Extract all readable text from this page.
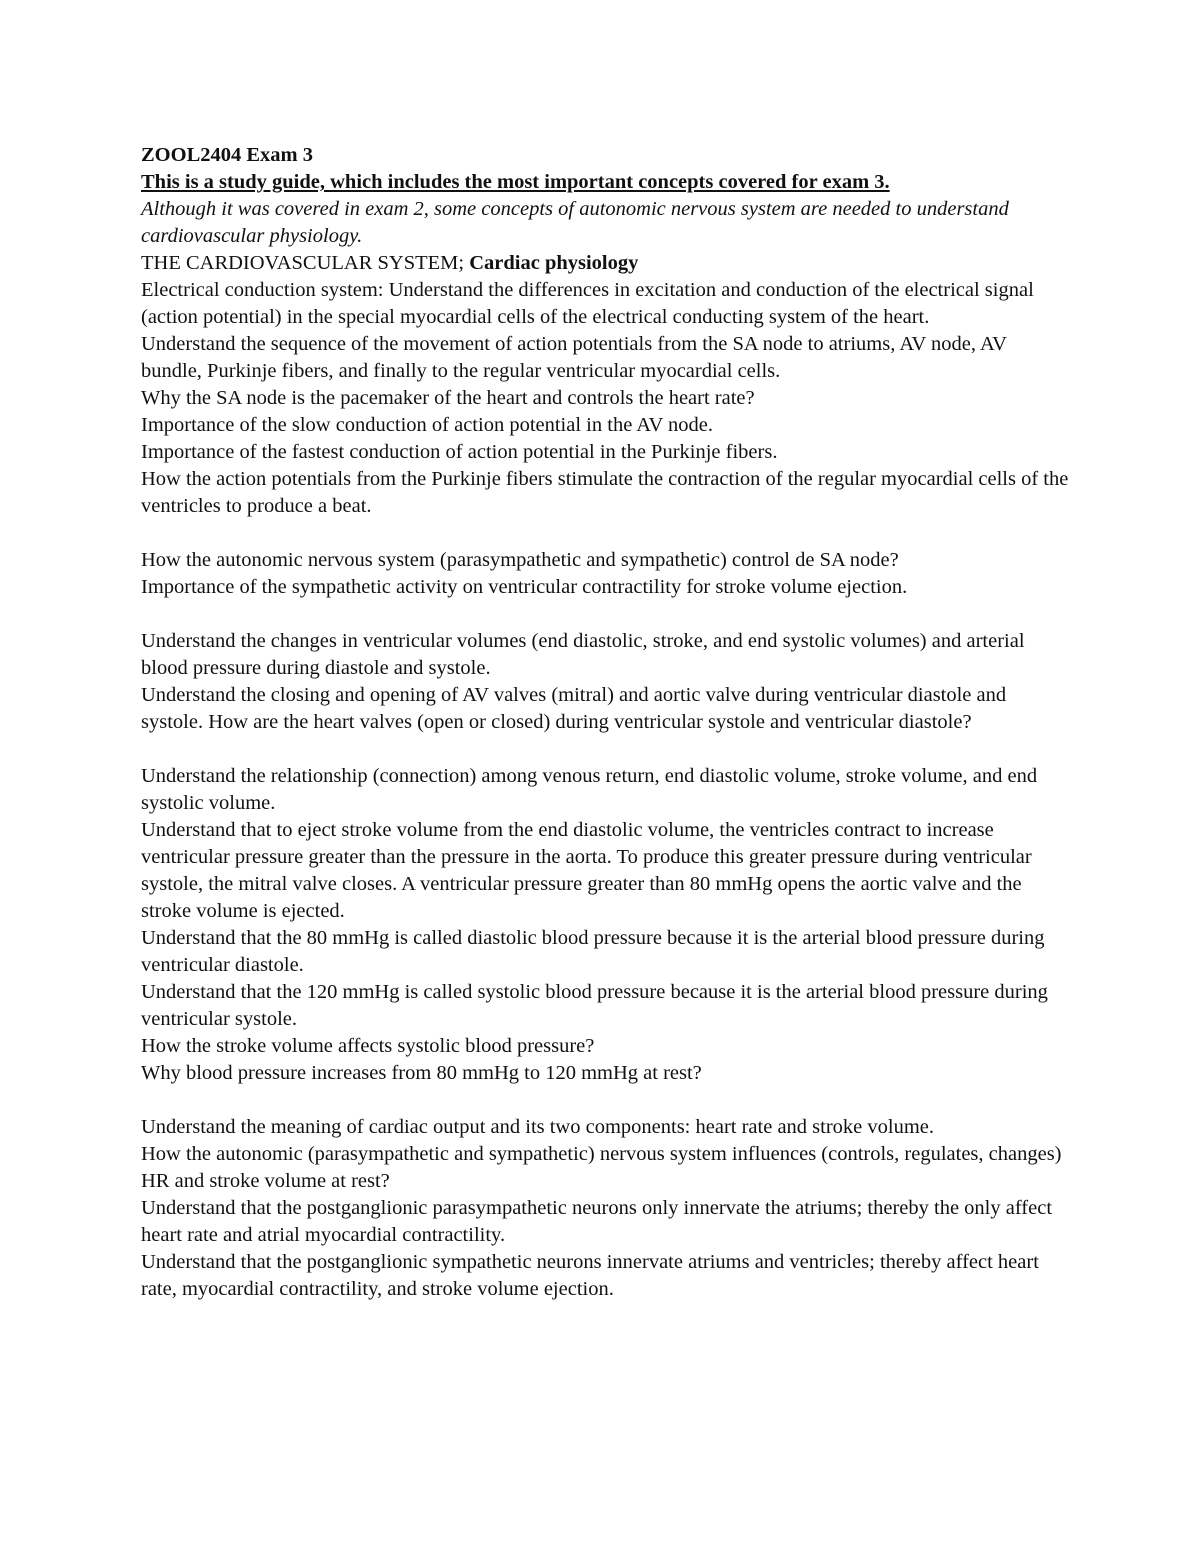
ZOOL2404 Exam 3

This is a study guide, which includes the most important concepts covered for exam 3.

Although it was covered in exam 2, some concepts of autonomic nervous system are needed to understand cardiovascular physiology.

THE CARDIOVASCULAR SYSTEM; Cardiac physiology

Electrical conduction system: Understand the differences in excitation and conduction of the electrical signal (action potential) in the special myocardial cells of the electrical conducting system of the heart.

Understand the sequence of the movement of action potentials from the SA node to atriums, AV node, AV bundle, Purkinje fibers, and finally to the regular ventricular myocardial cells.

Why the SA node is the pacemaker of the heart and controls the heart rate?

Importance of the slow conduction of action potential in the AV node.

Importance of the fastest conduction of action potential in the Purkinje fibers.

How the action potentials from the Purkinje fibers stimulate the contraction of the regular myocardial cells of the ventricles to produce a beat.

How the autonomic nervous system (parasympathetic and sympathetic) control de SA node?

Importance of the sympathetic activity on ventricular contractility for stroke volume ejection.

Understand the changes in ventricular volumes (end diastolic, stroke, and end systolic volumes) and arterial blood pressure during diastole and systole.

Understand the closing and opening of AV valves (mitral) and aortic valve during ventricular diastole and systole. How are the heart valves (open or closed) during ventricular systole and ventricular diastole?

Understand the relationship (connection) among venous return, end diastolic volume, stroke volume, and end systolic volume.

Understand that to eject stroke volume from the end diastolic volume, the ventricles contract to increase ventricular pressure greater than the pressure in the aorta. To produce this greater pressure during ventricular systole, the mitral valve closes. A ventricular pressure greater than 80 mmHg opens the aortic valve and the stroke volume is ejected.

Understand that the 80 mmHg is called diastolic blood pressure because it is the arterial blood pressure during ventricular diastole.

Understand that the 120 mmHg is called systolic blood pressure because it is the arterial blood pressure during ventricular systole.

How the stroke volume affects systolic blood pressure?

Why blood pressure increases from 80 mmHg to 120 mmHg at rest?

Understand the meaning of cardiac output and its two components: heart rate and stroke volume.

How the autonomic (parasympathetic and sympathetic) nervous system influences (controls, regulates, changes) HR and stroke volume at rest?

Understand that the postganglionic parasympathetic neurons only innervate the atriums; thereby the only affect heart rate and atrial myocardial contractility.

Understand that the postganglionic sympathetic neurons innervate atriums and ventricles; thereby affect heart rate, myocardial contractility, and stroke volume ejection.
